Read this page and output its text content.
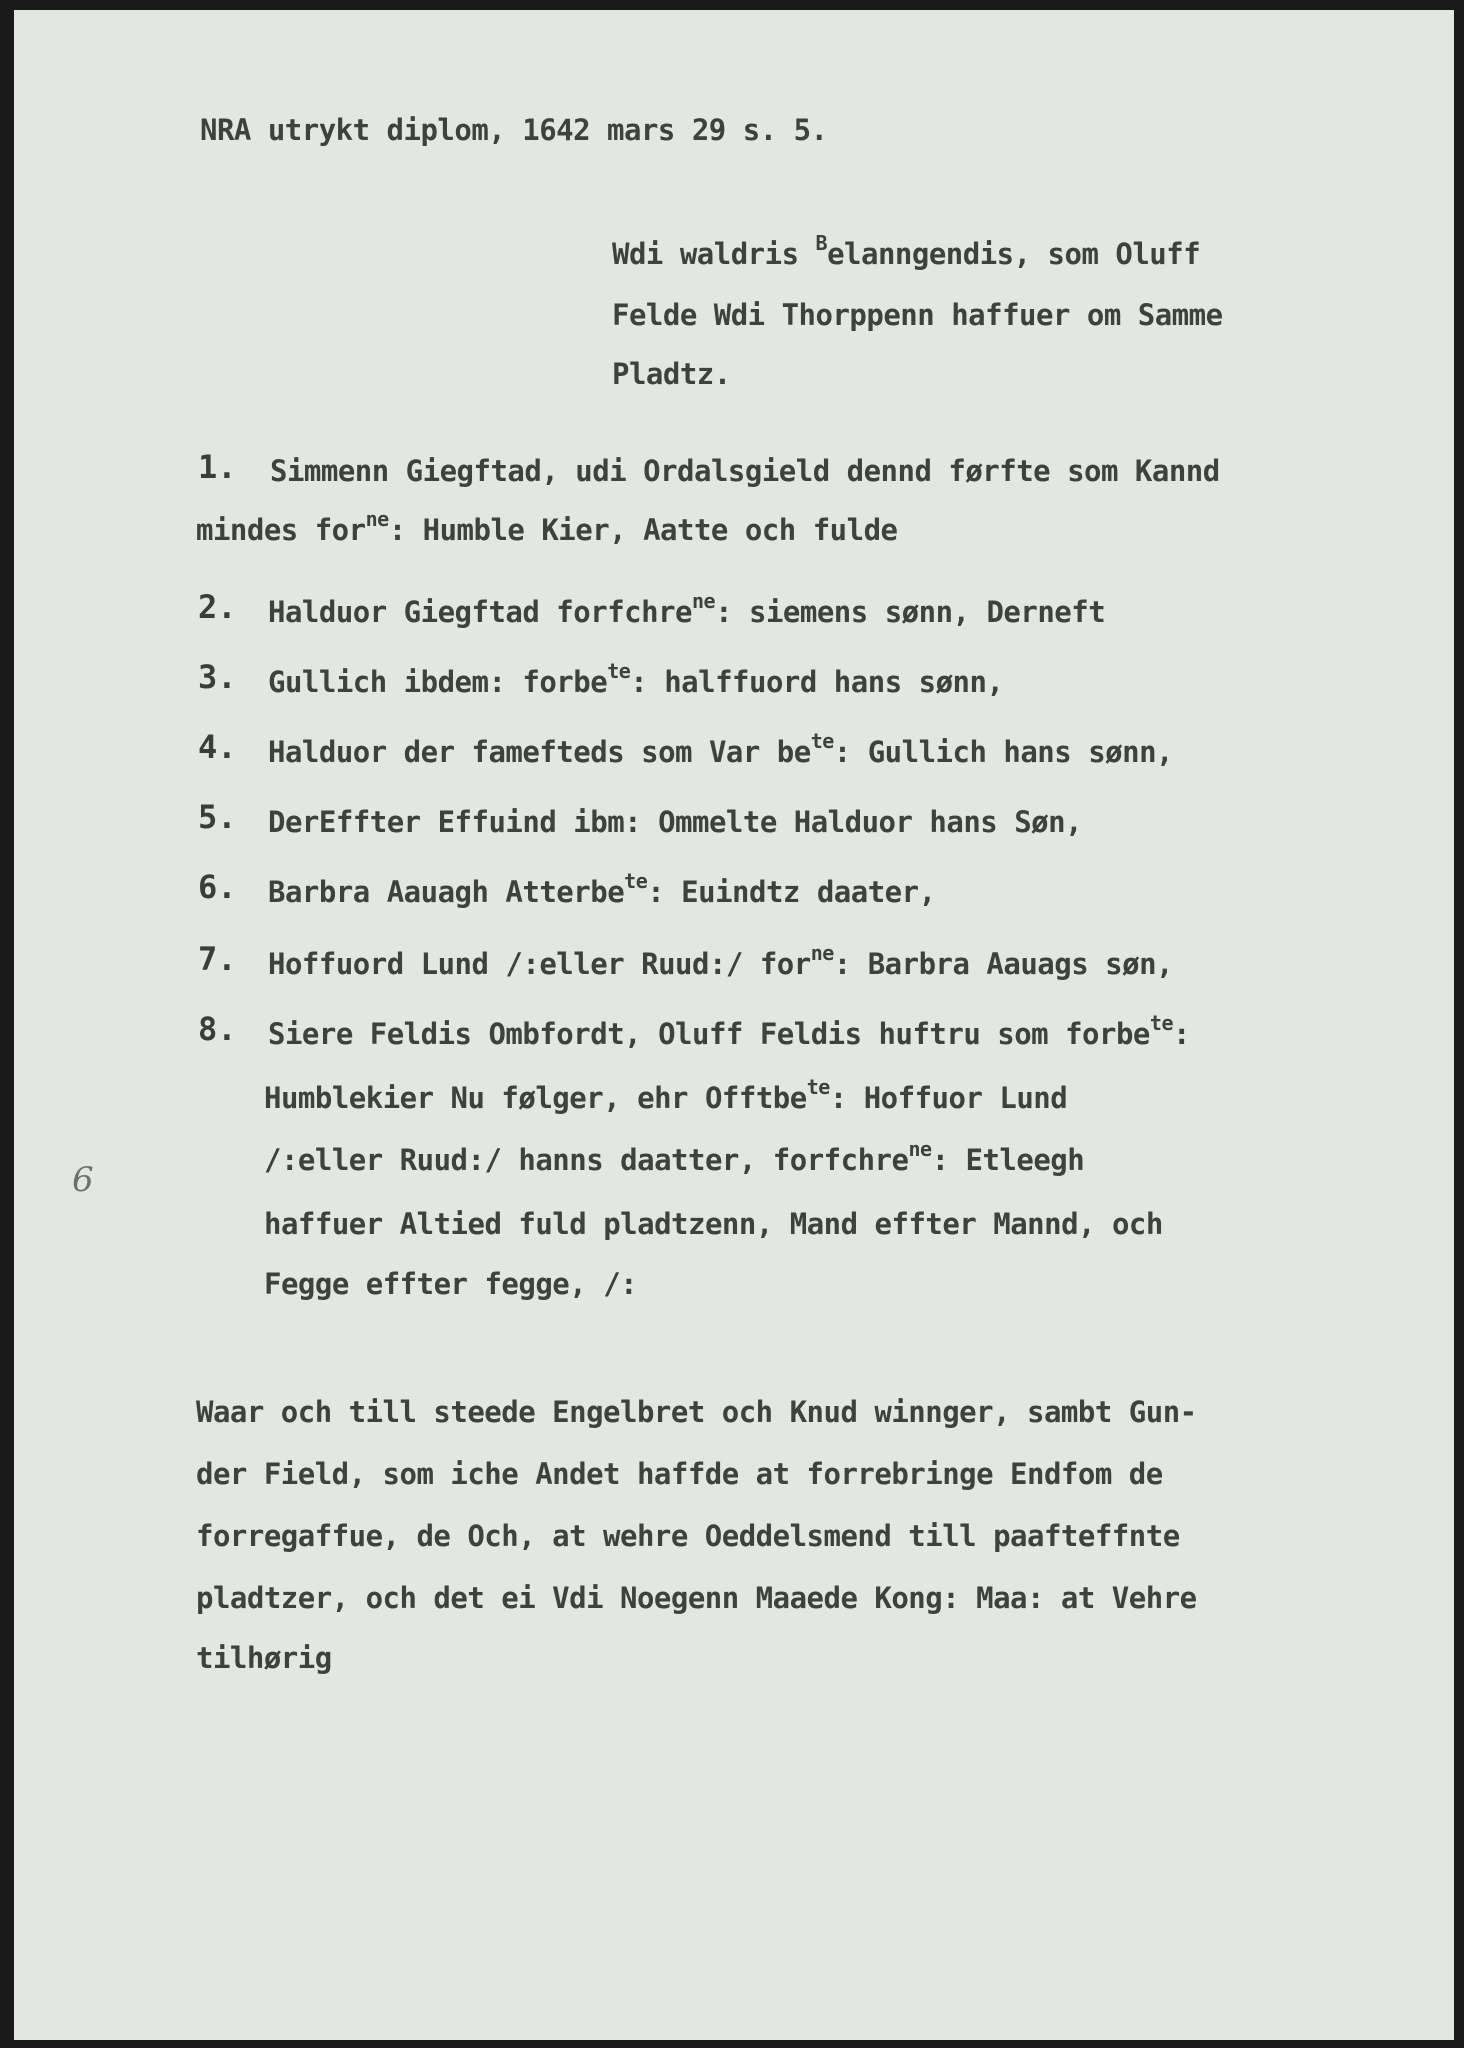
6
NRA utrykt diplom, 1642 mars 29 s. 5.
Wdi waldris $^B$elanngendis, som Oluff
Felde Wdi Thorppenn haffuer om Samme
Pladtz.
1. Simmenn Giegftad, udi Ordalsgield dennd førfte som Kannd
mindes for$^{ne}$: Humble Kier, Aatte och fulde
2. Halduor Giegftad forfchre$^{ne}$: siemens sønn, Derneft
3. Gullich ibdem: forbe$^{te}$: halffuord hans sønn,
4. Halduor der famefteds som Var $be^{te}$: Gullich hans sønn,
5. DerEffter Effuind ibm: Ommelte Halduor hans Søn,
6. Barbra Aauagh Atterbe$^{te}$: Euindtz daater,
7. Hoffuord Lund /:eller Ruud:/ for$^{ne}$: Barbra Aauags søn,
8. Siere Feldis Ombfordt, Oluff Feldis huftru som forbe$^{te}$:
Humblekier Nu følger, ehr Offtbe$^{te}$: Hoffuor Lund
/:eller Ruud:/ hanns daatter, forfchre$^{ne}$: Etleegh
haffuer Altied fuld pladtzenn, Mand effter Mannd, och
Fegge effter fegge, /:
Waar och till steede Engelbret och Knud winnger, sambt Gun-
der Field, som iche Andet haffde at forrebringe Endfom de
forregaffue, de Och, at wehre Oeddelsmend till paafteffnte
pladtzer, och det ei Vdi Noegenn Maaede Kong: Maa: at Vehre
tilhørig
